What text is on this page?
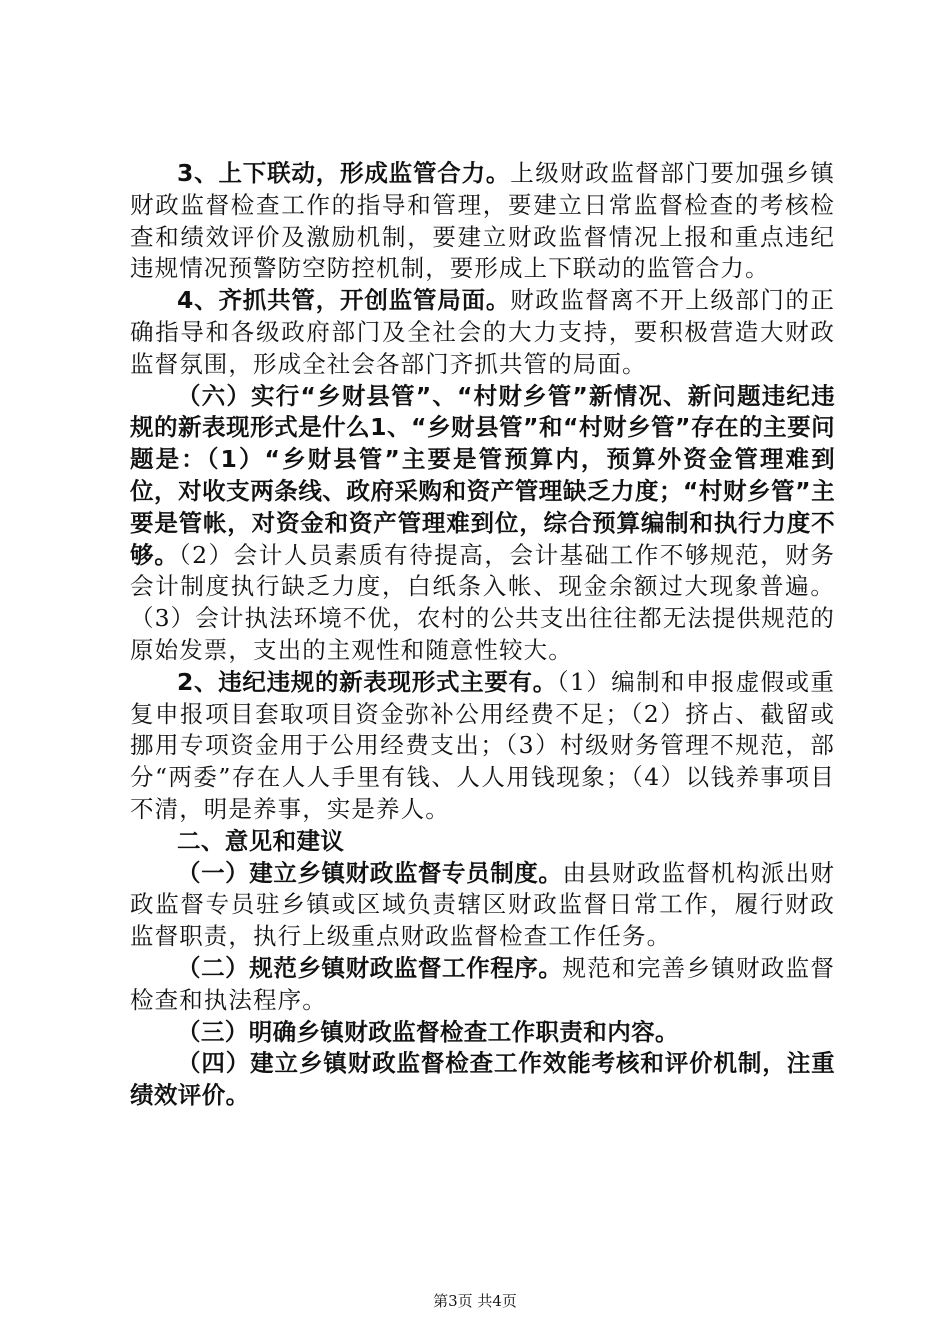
3、上下联动，形成监管合力。上级财政监督部门要加强乡镇财政监督检查工作的指导和管理，要建立日常监督检查的考核检查和绩效评价及激励机制，要建立财政监督情况上报和重点违纪违规情况预警防空防控机制，要形成上下联动的监管合力。

4、齐抓共管，开创监管局面。财政监督离不开上级部门的正确指导和各级政府部门及全社会的大力支持，要积极营造大财政监督氛围，形成全社会各部门齐抓共管的局面。

（六）实行“乡财县管”、“村财乡管”新情况、新问题违纪违规的新表现形式是什么1、“乡财县管”和“村财乡管”存在的主要问题是：（1）“乡财县管”主要是管预算内，预算外资金管理难到位，对收支两条线、政府采购和资产管理缺乏力度；“村财乡管”主要是管帐，对资金和资产管理难到位，综合预算编制和执行力度不够。（2）会计人员素质有待提高，会计基础工作不够规范，财务会计制度执行缺乏力度，白纸条入帐、现金余额过大现象普遍。（3）会计执法环境不优，农村的公共支出往往都无法提供规范的原始发票，支出的主观性和随意性较大。

2、违纪违规的新表现形式主要有。（1）编制和申报虚假或重复申报项目套取项目资金弥补公用经费不足；（2）挤占、截留或挪用专项资金用于公用经费支出；（3）村级财务管理不规范，部分“两委”存在人人手里有钱、人人用钱现象；（4）以钱养事项目不清，明是养事，实是养人。

二、意见和建议

（一）建立乡镇财政监督专员制度。由县财政监督机构派出财政监督专员驻乡镇或区域负责辖区财政监督日常工作，履行财政监督职责，执行上级重点财政监督检查工作任务。

（二）规范乡镇财政监督工作程序。规范和完善乡镇财政监督检查和执法程序。

（三）明确乡镇财政监督检查工作职责和内容。

（四）建立乡镇财政监督检查工作效能考核和评价机制，注重绩效评价。

第3页 共4页
